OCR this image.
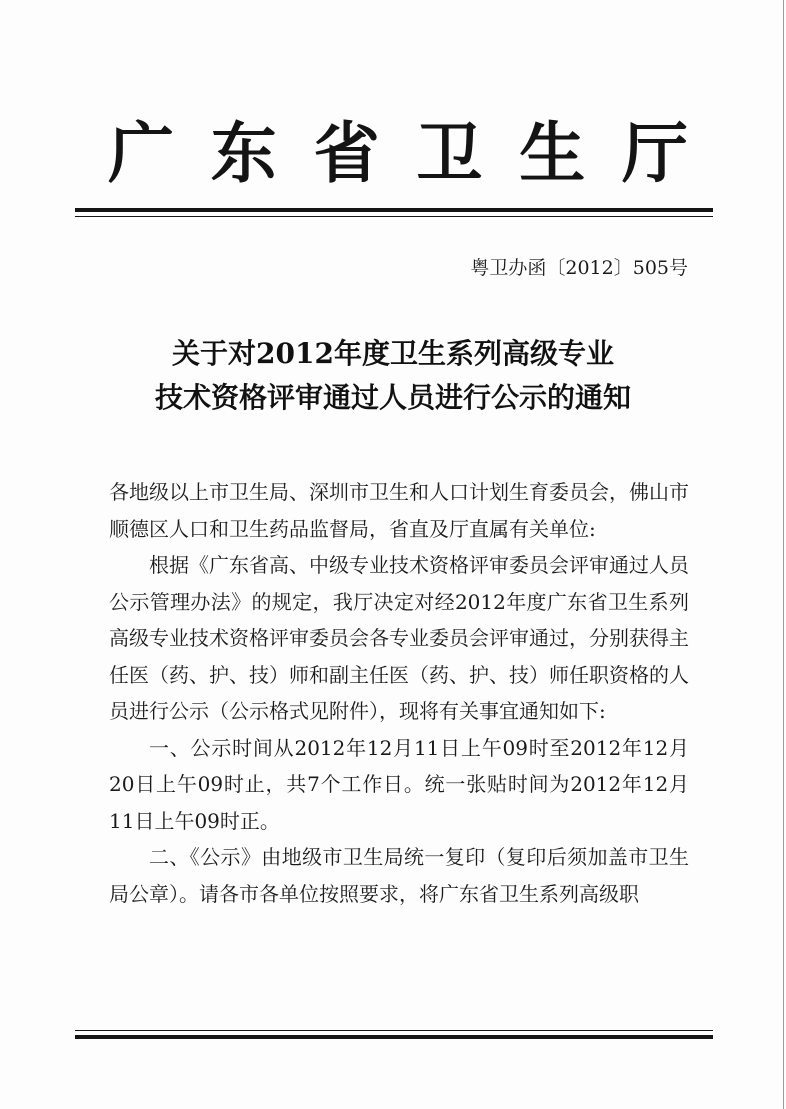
广 东 省 卫 生 厅
粤卫办函〔2012〕505号
关于对2012年度卫生系列高级专业
技术资格评审通过人员进行公示的通知

各地级以上市卫生局、深圳市卫生和人口计划生育委员会，佛山市顺德区人口和卫生药品监督局，省直及厅直属有关单位:

根据《广东省高、中级专业技术资格评审委员会评审通过人员公示管理办法》的规定，我厅决定对经2012年度广东省卫生系列高级专业技术资格评审委员会各专业委员会评审通过，分别获得主任医（药、护、技）师和副主任医（药、护、技）师任职资格的人员进行公示（公示格式见附件），现将有关事宜通知如下:

一、公示时间从2012年12月11日上午09时至2012年12月20日上午09时止，共7个工作日。统一张贴时间为2012年12月11日上午09时正。

二、《公示》由地级市卫生局统一复印（复印后须加盖市卫生局公章）。请各市各单位按照要求，将广东省卫生系列高级职
